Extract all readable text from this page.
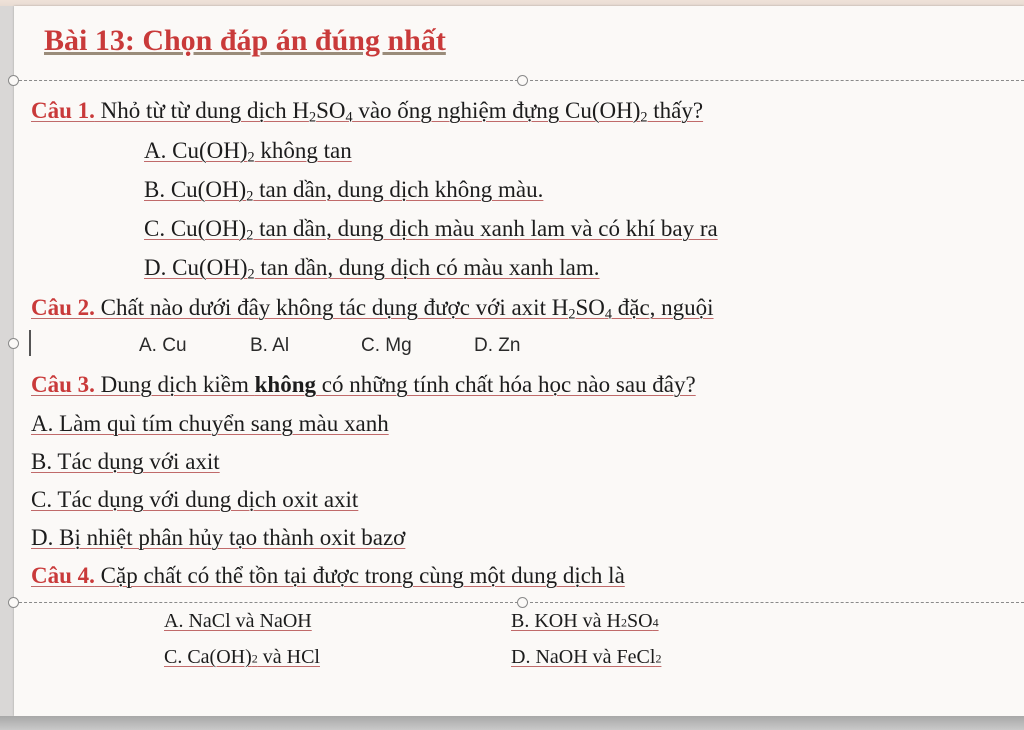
Bài 13: Chọn đáp án đúng nhất
Câu 1. Nhỏ từ từ dung dịch $H_2SO_4$ vào ống nghiệm đựng $Cu(OH)_2$ thấy?
A. $Cu(OH)_2$ không tan
B. $Cu(OH)_2$ tan dần, dung dịch không màu.
C. $Cu(OH)_2$ tan dần, dung dịch màu xanh lam và có khí bay ra
D. $Cu(OH)_2$ tan dần, dung dịch có màu xanh lam.
Câu 2. Chất nào dưới đây không tác dụng được với axit $H_2SO_4$ đặc, nguội
A. Cu	B. Al	C. Mg	D. Zn
Câu 3. Dung dịch kiềm không có những tính chất hóa học nào sau đây?
A. Làm quì tím chuyển sang màu xanh
B. Tác dụng với axit
C. Tác dụng với dung dịch oxit axit
D. Bị nhiệt phân hủy tạo thành oxit bazơ
Câu 4. Cặp chất có thể tồn tại được trong cùng một dung dịch là
A. NaCl và NaOH	B. KOH và H2SO4
C. Ca(OH)2 và HCl	D. NaOH và FeCl2
